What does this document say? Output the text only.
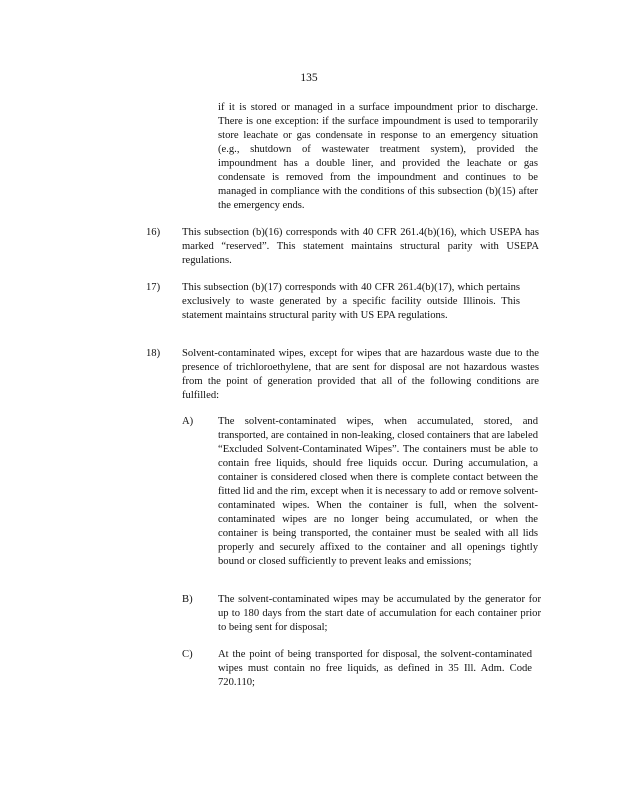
135

if it is stored or managed in a surface impoundment prior to discharge. There is one exception: if the surface impoundment is used to temporarily store leachate or gas condensate in response to an emergency situation (e.g., shutdown of wastewater treatment system), provided the impoundment has a double liner, and provided the leachate or gas condensate is removed from the impoundment and continues to be managed in compliance with the conditions of this subsection (b)(15) after the emergency ends.

16) This subsection (b)(16) corresponds with 40 CFR 261.4(b)(16), which USEPA has marked “reserved”. This statement maintains structural parity with USEPA regulations.

17) This subsection (b)(17) corresponds with 40 CFR 261.4(b)(17), which pertains exclusively to waste generated by a specific facility outside Illinois. This statement maintains structural parity with US EPA regulations.

18) Solvent-contaminated wipes, except for wipes that are hazardous waste due to the presence of trichloroethylene, that are sent for disposal are not hazardous wastes from the point of generation provided that all of the following conditions are fulfilled:

A) The solvent-contaminated wipes, when accumulated, stored, and transported, are contained in non-leaking, closed containers that are labeled “Excluded Solvent-Contaminated Wipes”. The containers must be able to contain free liquids, should free liquids occur. During accumulation, a container is considered closed when there is complete contact between the fitted lid and the rim, except when it is necessary to add or remove solvent-contaminated wipes. When the container is full, when the solvent-contaminated wipes are no longer being accumulated, or when the container is being transported, the container must be sealed with all lids properly and securely affixed to the container and all openings tightly bound or closed sufficiently to prevent leaks and emissions;

B) The solvent-contaminated wipes may be accumulated by the generator for up to 180 days from the start date of accumulation for each container prior to being sent for disposal;

C) At the point of being transported for disposal, the solvent-contaminated wipes must contain no free liquids, as defined in 35 Ill. Adm. Code 720.110;
